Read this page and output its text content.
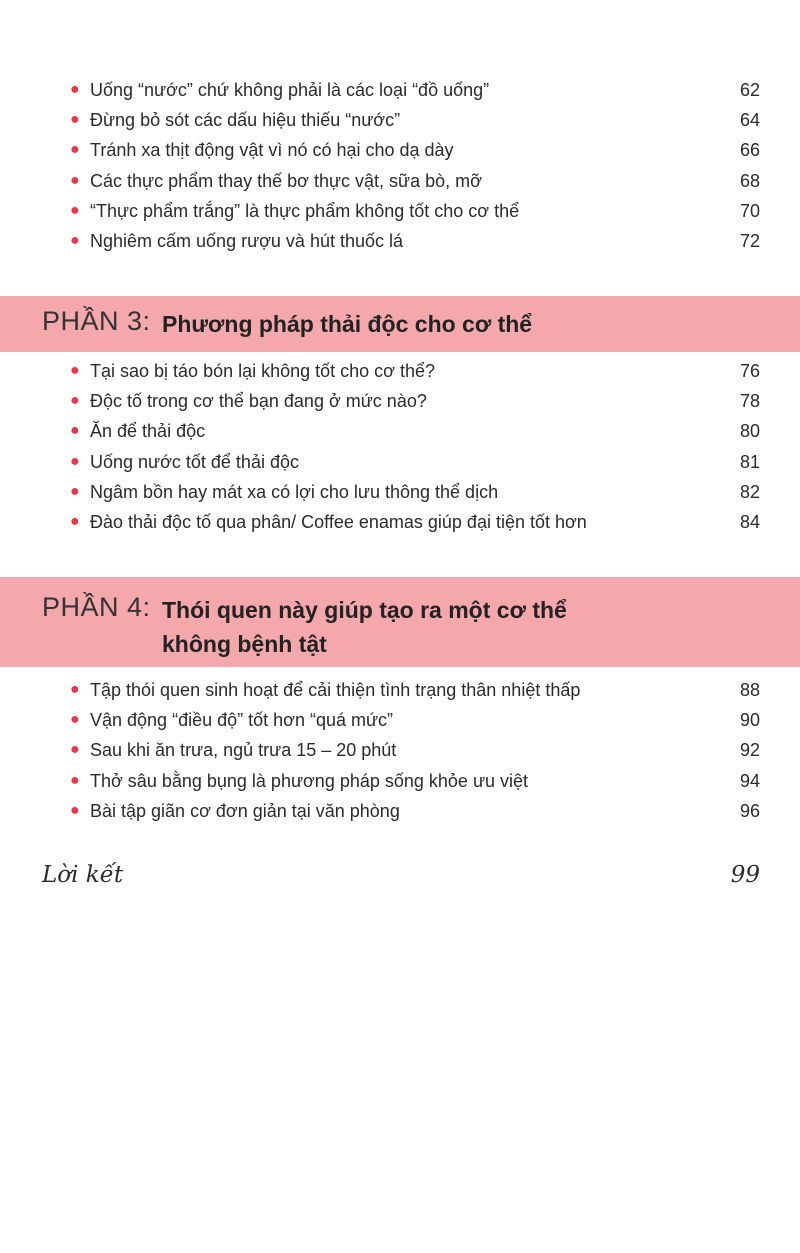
● Uống “nước” chứ không phải là các loại “đồ uống”	62
● Đừng bỏ sót các dấu hiệu thiếu “nước”	64
● Tránh xa thịt động vật vì nó có hại cho dạ dày	66
● Các thực phẩm thay thế bơ thực vật, sữa bò, mỡ	68
● “Thực phẩm trắng” là thực phẩm không tốt cho cơ thể	70
● Nghiêm cấm uống rượu và hút thuốc lá	72
PHẦN 3: Phương pháp thải độc cho cơ thể
● Tại sao bị táo bón lại không tốt cho cơ thể?	76
● Độc tố trong cơ thể bạn đang ở mức nào?	78
● Ăn để thải độc	80
● Uống nước tốt để thải độc	81
● Ngâm bồn hay mát xa có lợi cho lưu thông thể dịch	82
● Đào thải độc tố qua phân/ Coffee enamas giúp đại tiện tốt hơn	84
PHẦN 4: Thói quen này giúp tạo ra một cơ thể
không bệnh tật
● Tập thói quen sinh hoạt để cải thiện tình trạng thân nhiệt thấp	88
● Vận động “điều độ” tốt hơn “quá mức”	90
● Sau khi ăn trưa, ngủ trưa 15 – 20 phút	92
● Thở sâu bằng bụng là phương pháp sống khỏe ưu việt	94
● Bài tập giãn cơ đơn giản tại văn phòng	96
Lời kết	99
